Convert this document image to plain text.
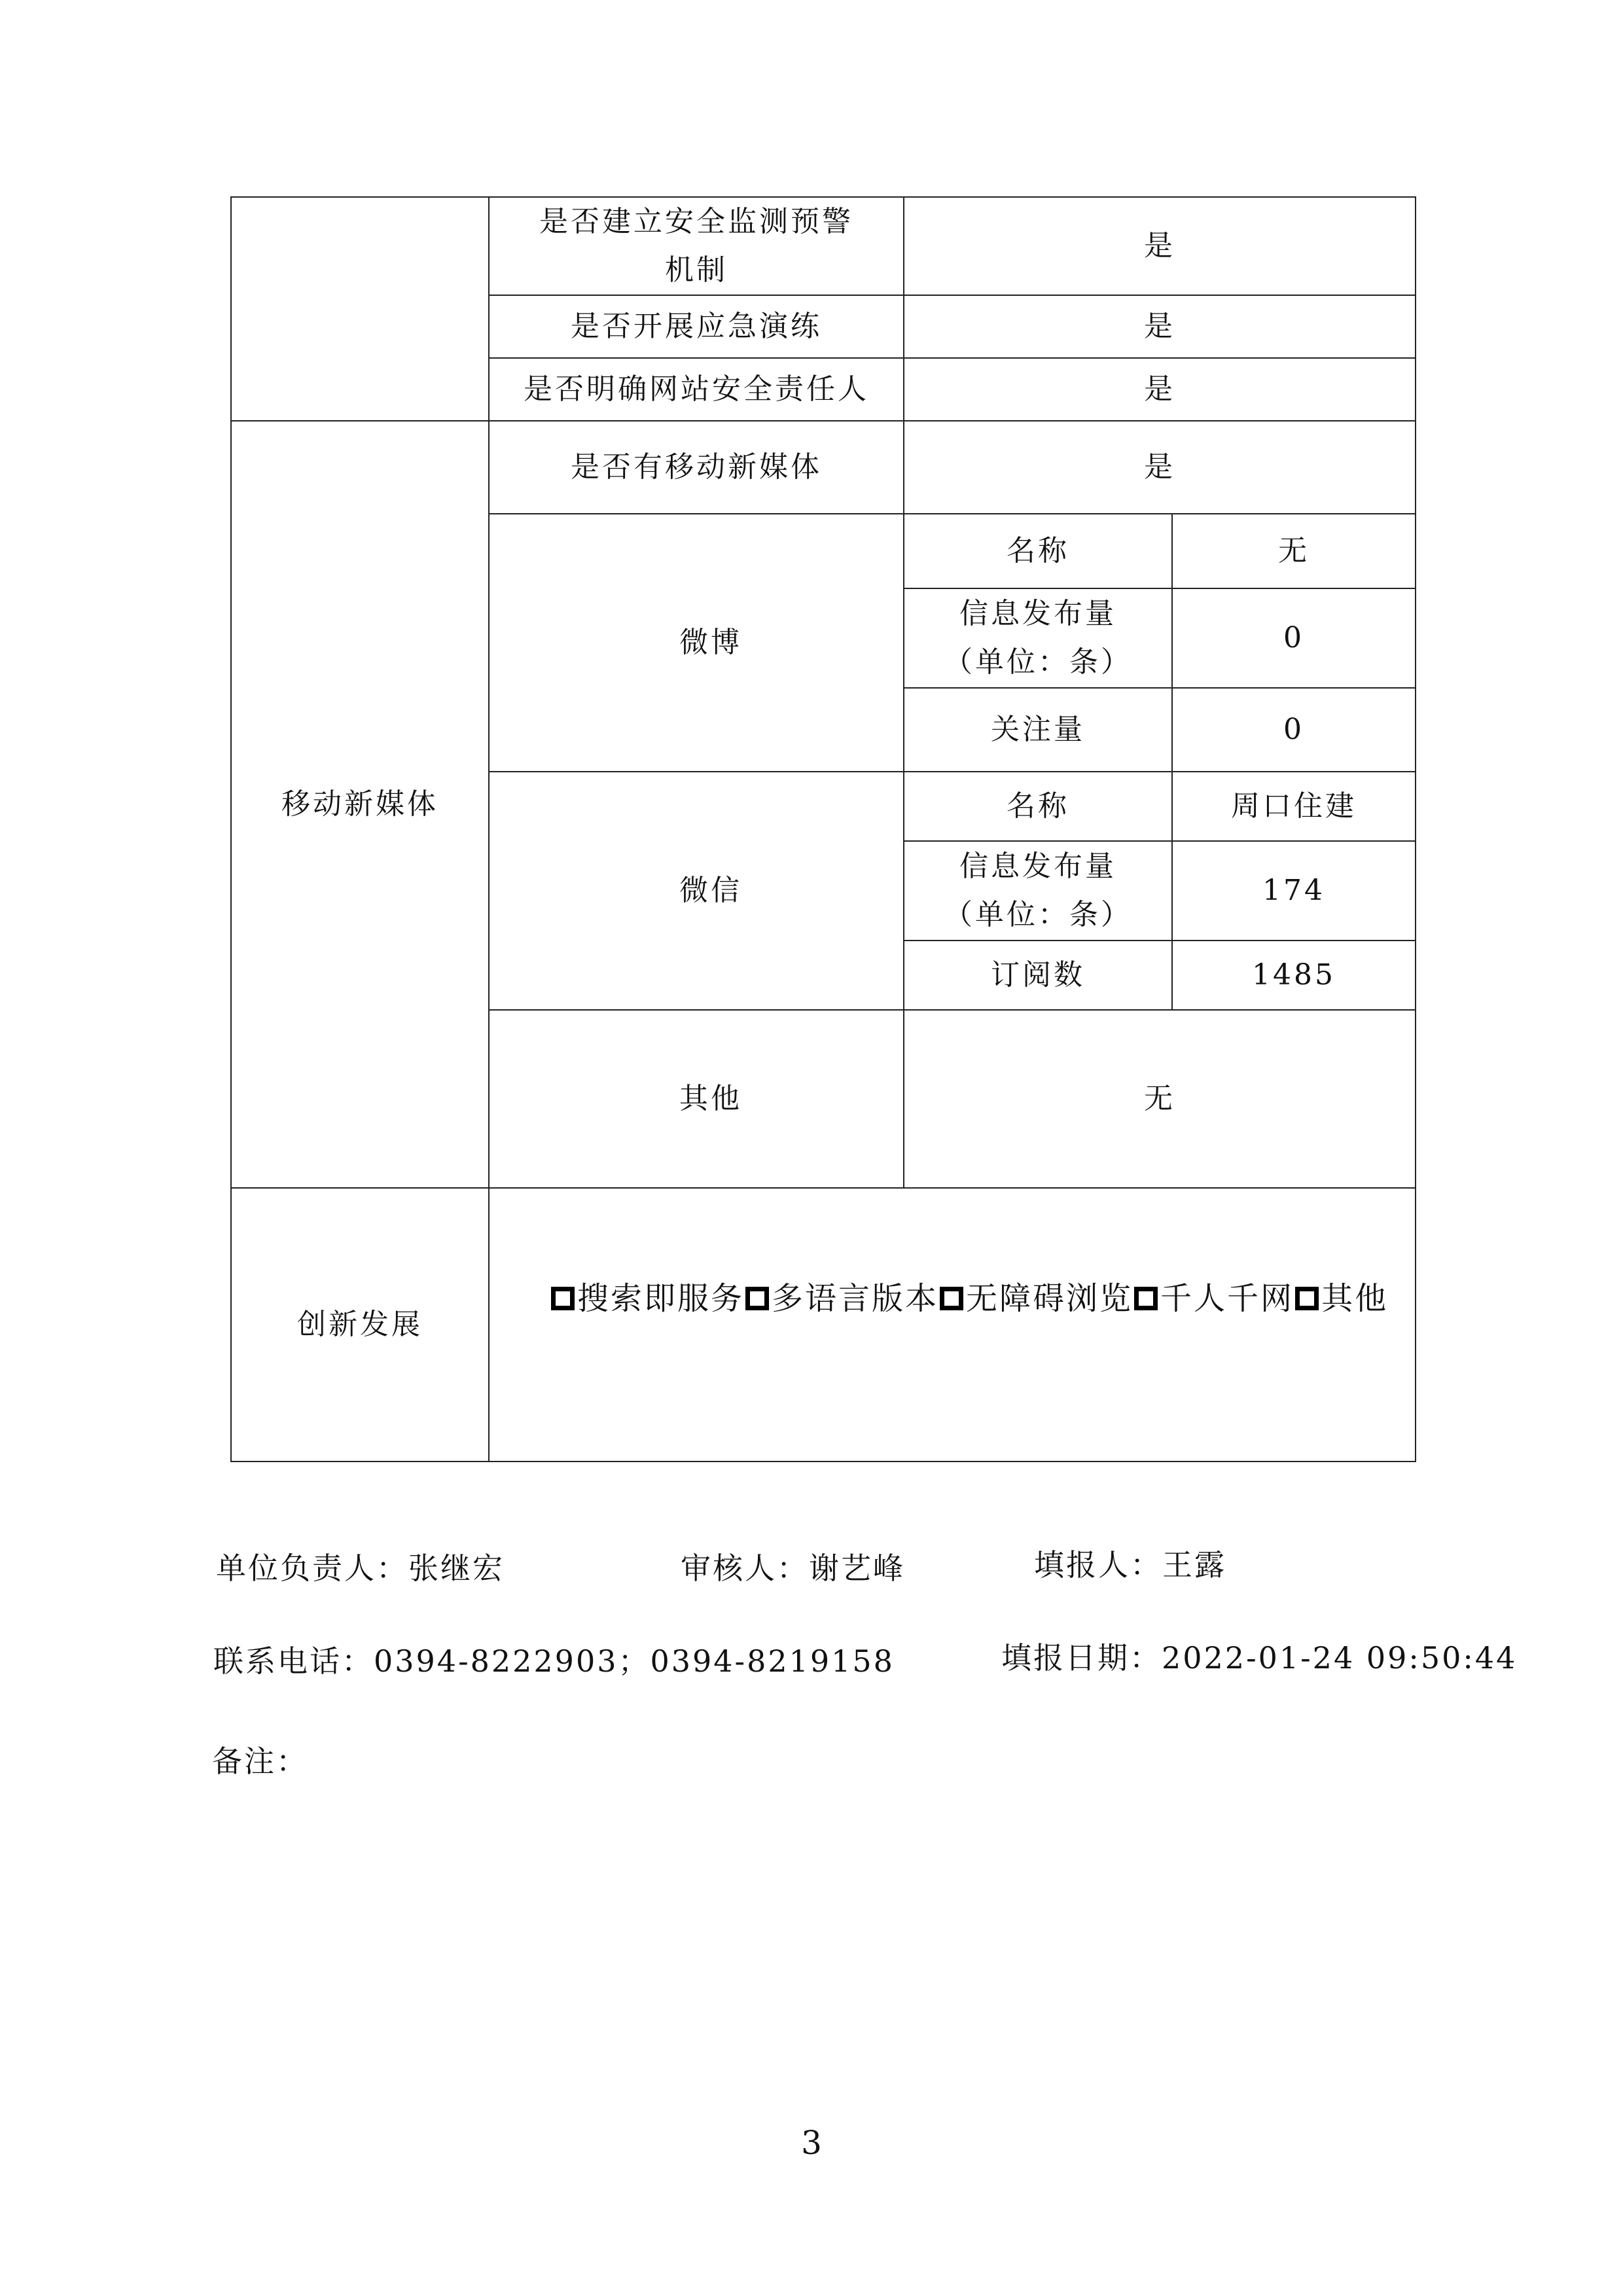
	是否建立安全监测预警
机制	是	
	是否开展应急演练	是	
	是否明确网站安全责任人	是	
移动新媒体	是否有移动新媒体	是	
	微博	名称	无

		信息发布量
（单位：条）	0
		关注量	0
	微信	名称	周口住建

		信息发布量
（单位：条）	174
		订阅数	1485
	其他	无	
创新发展	搜索即服务 多语言版本 无障碍浏览 千人千网 其他		
单位负责人：张继宏	审核人：谢艺峰	填报人：王露
联系电话：0394-8222903；0394-8219158	填报日期：2022-01-24 09:50:44
备注：
3
